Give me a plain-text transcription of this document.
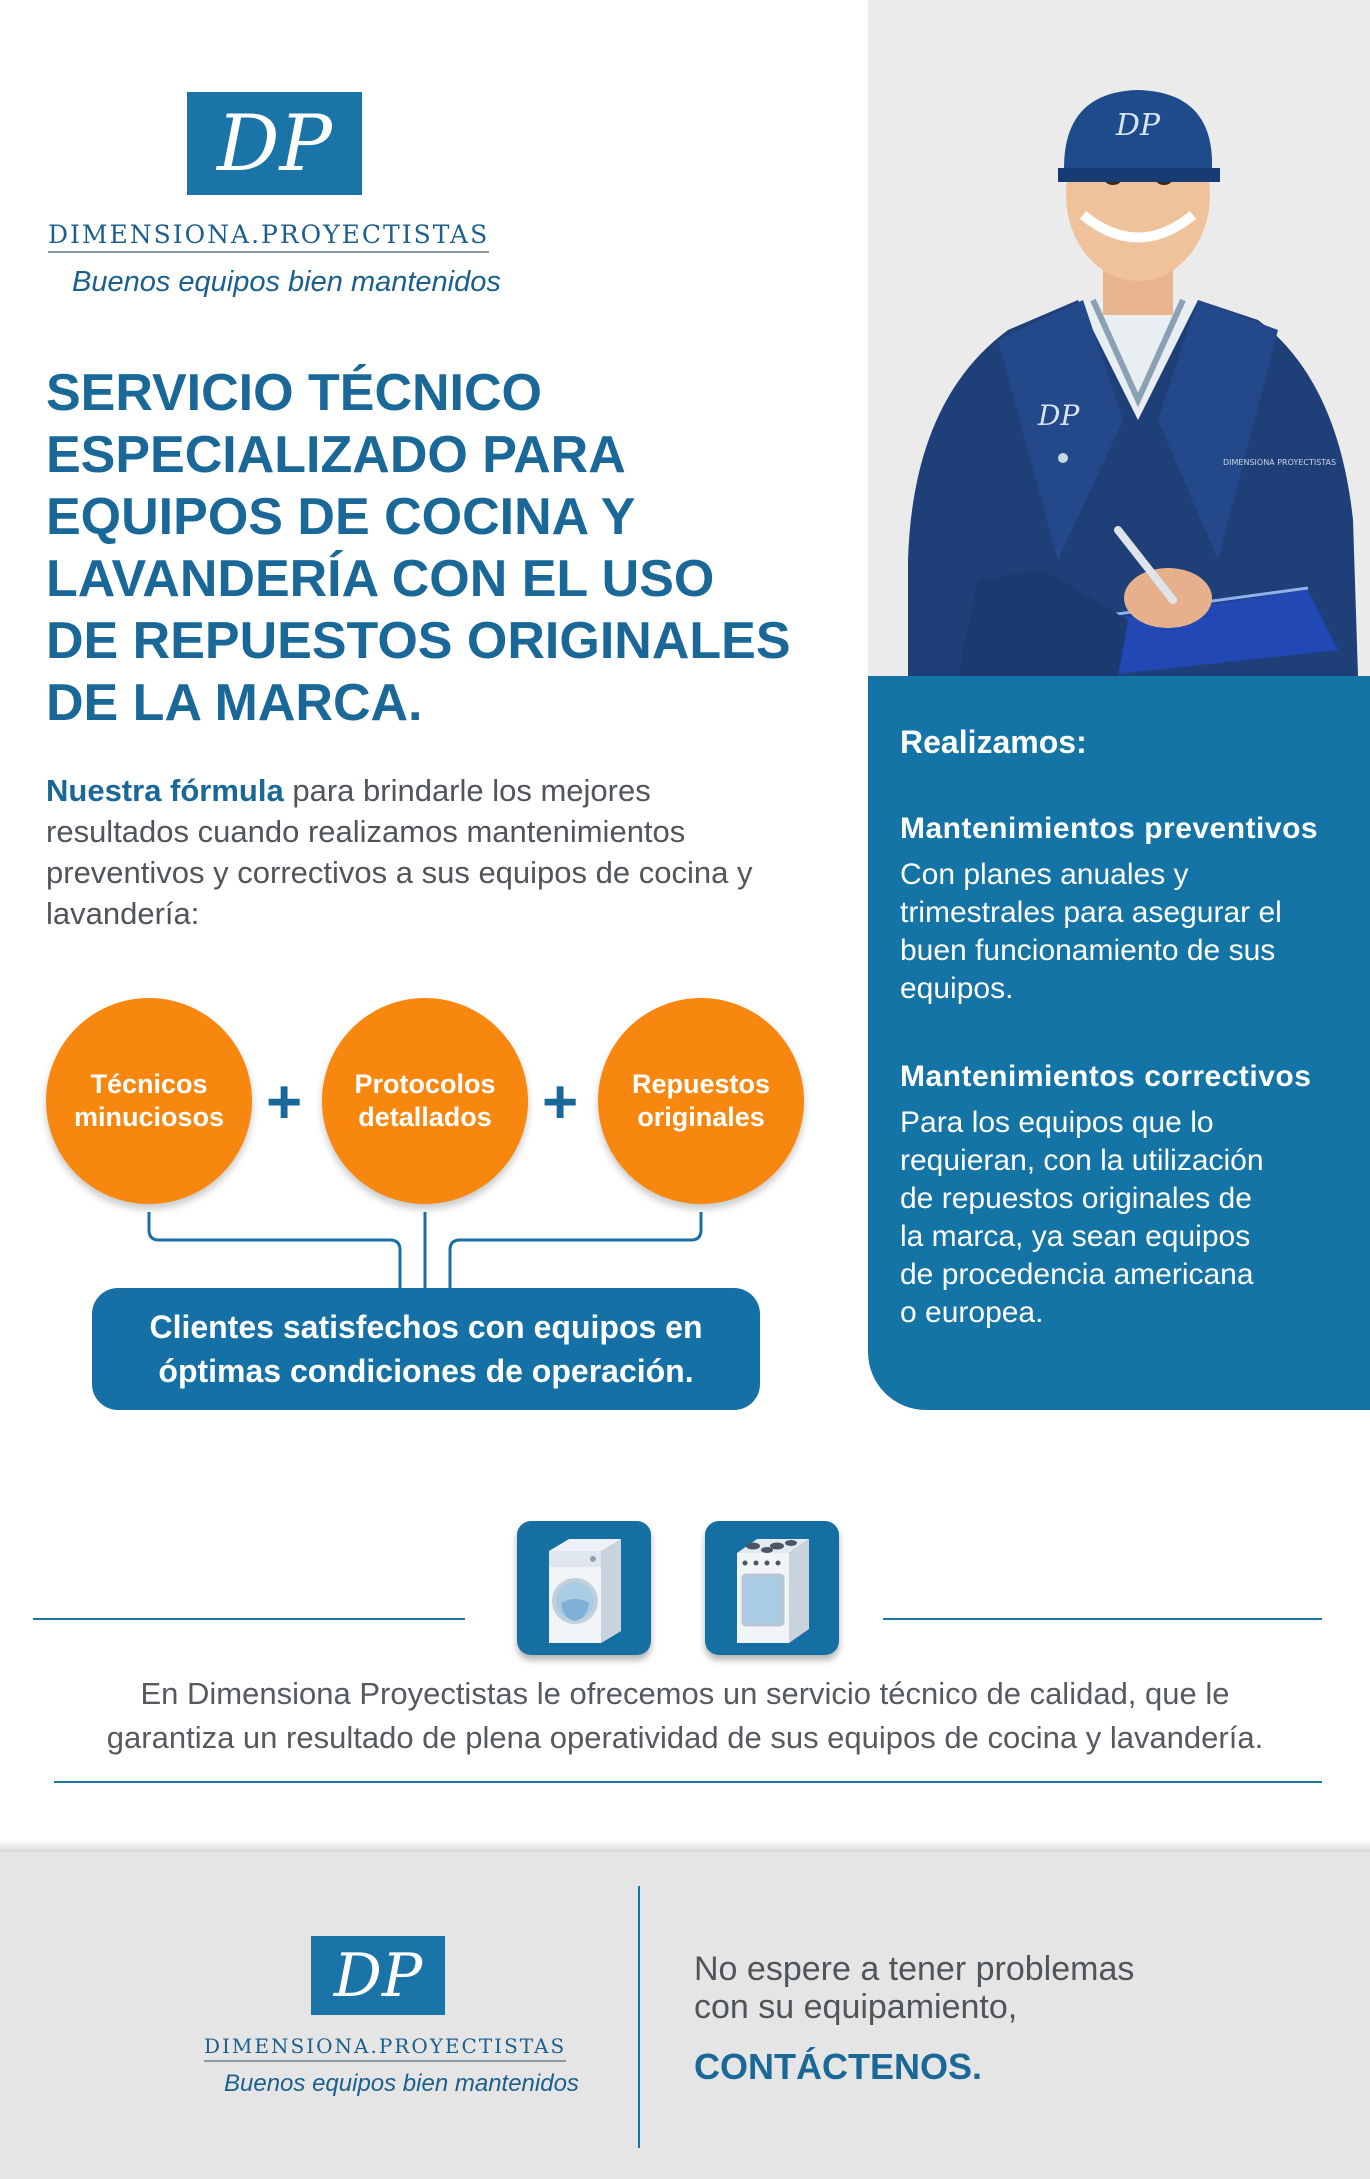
DP
DIMENSIONA.PROYECTISTAS
Buenos equipos bien mantenidos
DP
DP
DIMENSIONA PROYECTISTAS
SERVICIO TÉCNICO
ESPECIALIZADO PARA
EQUIPOS DE COCINA Y
LAVANDERÍA CON EL USO
DE REPUESTOS ORIGINALES
DE LA MARCA.
Nuestra fórmula para brindarle los mejores resultados cuando realizamos mantenimientos preventivos y correctivos a sus equipos de cocina y lavandería:
Técnicos
minuciosos + Protocolos
detallados + Repuestos
originales
Clientes satisfechos con equipos en
óptimas condiciones de operación.
Realizamos:
Mantenimientos preventivos
Con planes anuales y trimestrales para asegurar el buen funcionamiento de sus equipos.
Mantenimientos correctivos
Para los equipos que lo
requieran, con la utilización
de repuestos originales de
la marca, ya sean equipos
de procedencia americana
o europea.
En Dimensiona Proyectistas le ofrecemos un servicio técnico de calidad, que le
garantiza un resultado de plena operatividad de sus equipos de cocina y lavandería.
DP
DIMENSIONA.PROYECTISTAS
Buenos equipos bien mantenidos
No espere a tener problemas
con su equipamiento,
CONTÁCTENOS.
